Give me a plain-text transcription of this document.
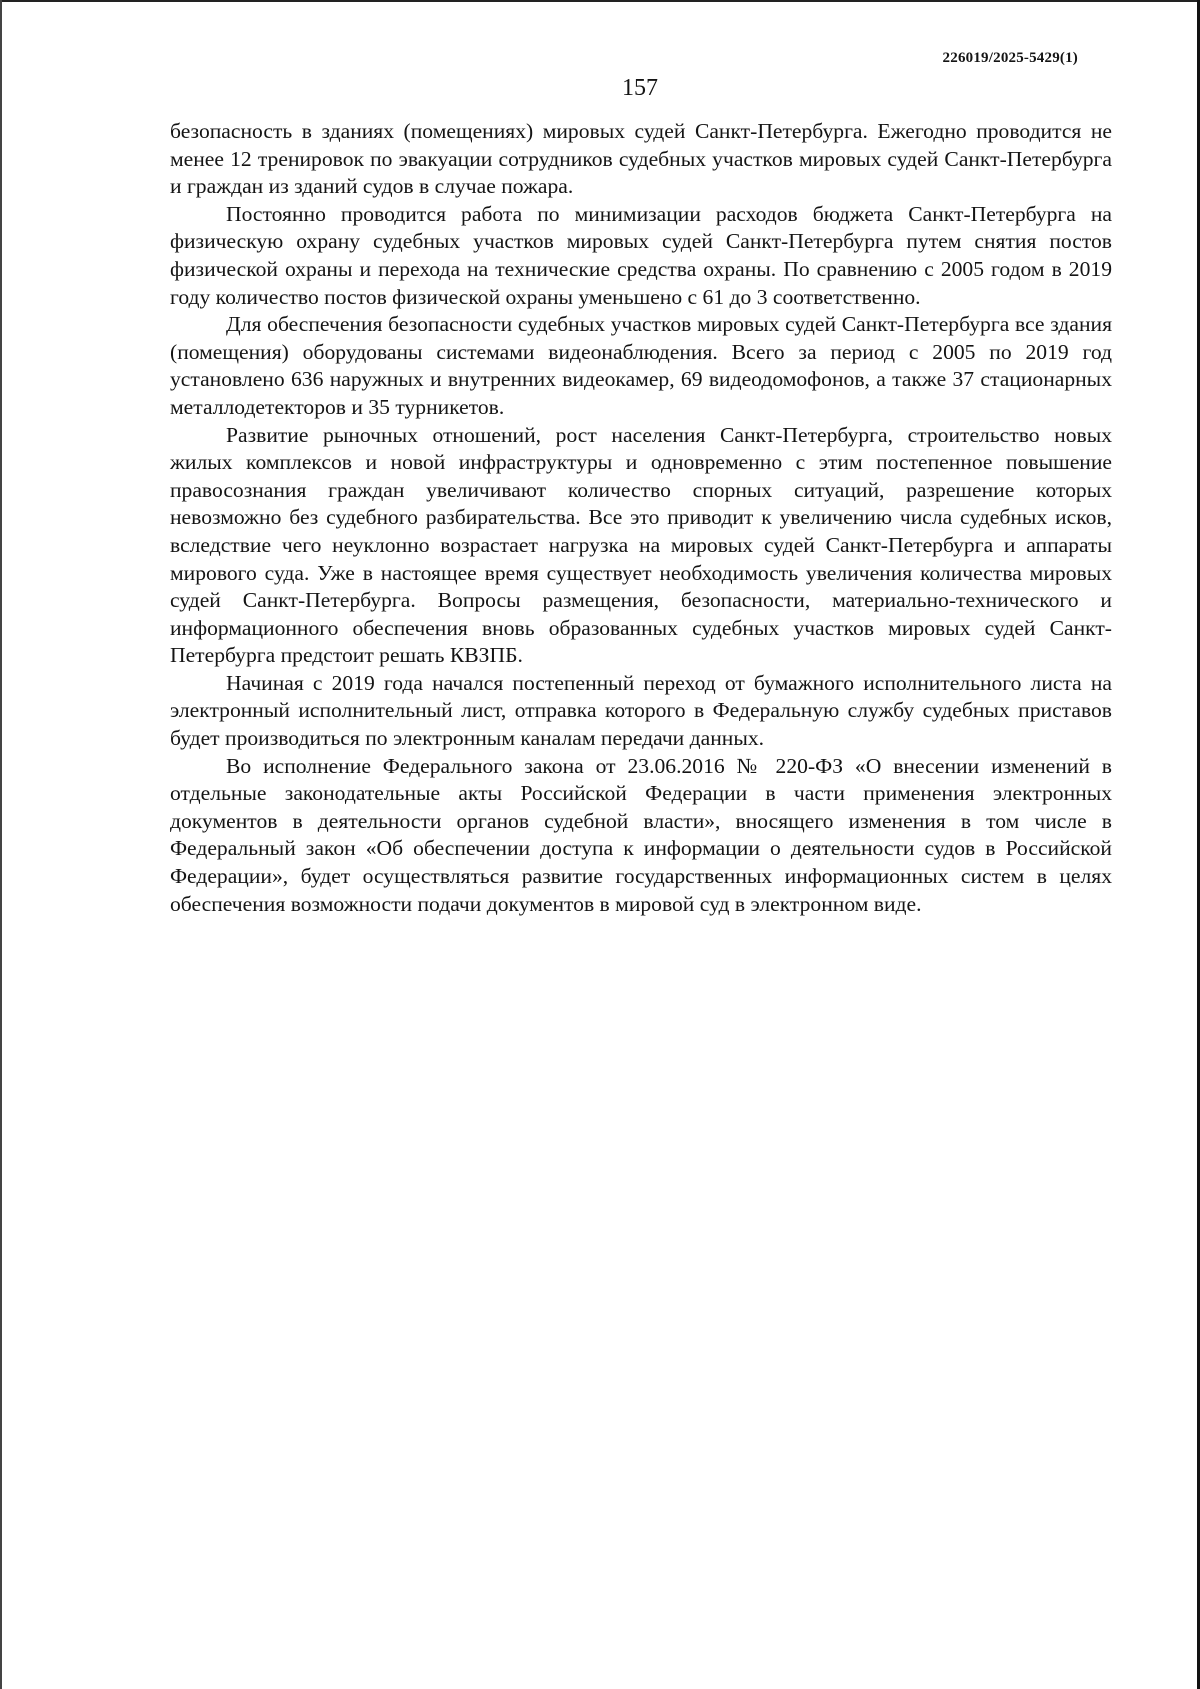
226019/2025-5429(1)
157

безопасность в зданиях (помещениях) мировых судей Санкт-Петербурга. Ежегодно проводится не менее 12 тренировок по эвакуации сотрудников судебных участков мировых судей Санкт-Петербурга и граждан из зданий судов в случае пожара.

Постоянно проводится работа по минимизации расходов бюджета Санкт-Петербурга на физическую охрану судебных участков мировых судей Санкт-Петербурга путем снятия постов физической охраны и перехода на технические средства охраны. По сравнению с 2005 годом в 2019 году количество постов физической охраны уменьшено с 61 до 3 соответственно.

Для обеспечения безопасности судебных участков мировых судей Санкт-Петербурга все здания (помещения) оборудованы системами видеонаблюдения. Всего за период с 2005 по 2019 год установлено 636 наружных и внутренних видеокамер, 69 видеодомофонов, а также 37 стационарных металлодетекторов и 35 турникетов.

Развитие рыночных отношений, рост населения Санкт-Петербурга, строительство новых жилых комплексов и новой инфраструктуры и одновременно с этим постепенное повышение правосознания граждан увеличивают количество спорных ситуаций, разрешение которых невозможно без судебного разбирательства. Все это приводит к увеличению числа судебных исков, вследствие чего неуклонно возрастает нагрузка на мировых судей Санкт-Петербурга и аппараты мирового суда. Уже в настоящее время существует необходимость увеличения количества мировых судей Санкт-Петербурга. Вопросы размещения, безопасности, материально-технического и информационного обеспечения вновь образованных судебных участков мировых судей Санкт-Петербурга предстоит решать КВЗПБ.

Начиная с 2019 года начался постепенный переход от бумажного исполнительного листа на электронный исполнительный лист, отправка которого в Федеральную службу судебных приставов будет производиться по электронным каналам передачи данных.

Во исполнение Федерального закона от 23.06.2016 № 220-ФЗ «О внесении изменений в отдельные законодательные акты Российской Федерации в части применения электронных документов в деятельности органов судебной власти», вносящего изменения в том числе в Федеральный закон «Об обеспечении доступа к информации о деятельности судов в Российской Федерации», будет осуществляться развитие государственных информационных систем в целях обеспечения возможности подачи документов в мировой суд в электронном виде.
